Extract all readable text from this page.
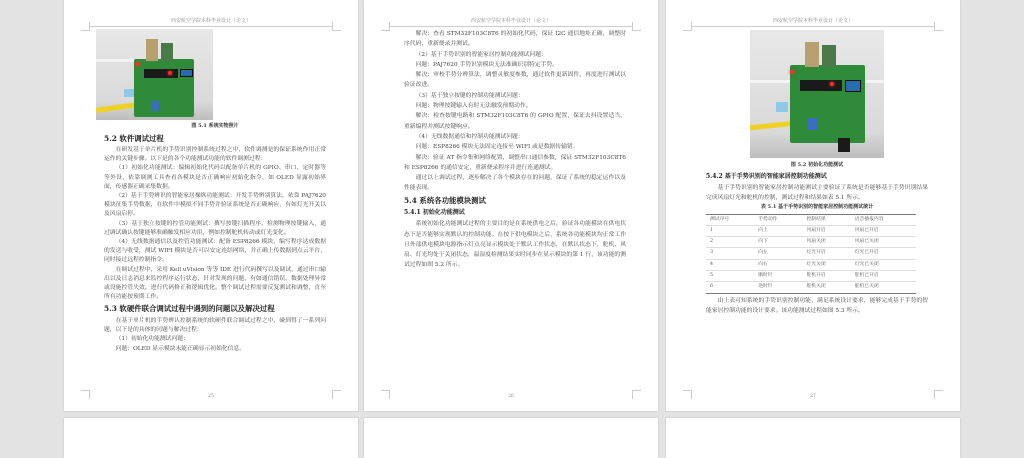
西安航空学院本科毕业设计（论文）
图 5.1 系统实物照片
5.2 软件调试过程

在研发基于单片机的手势识别控制系统过程之中，软件调测是的保证系统作用正常运作的关键步骤。以下是的各个功能测试功能的软件调测过程：

（1）初始化功能测试：编辑初始化代码以配备单片机的 GPIO、串口、定时器等等外设，依靠调测工具查看各模块是否正确响应初始化指令，如 OLED 显露初始界面，传感器正确采集数据。

（2）基于手势辨识的智能家居操纵功能测试：开发手势辨别算法，依靠 PAJ7620 模块征集手势数据，在软件中模拟不同手势并验证系统是否正确响应，有如灯光开关以及风扇启停。

（3）基于独立按键的控管功能测试：撰写按键扫描程序，检测物理按键输入，通过调试确认按键能够准确触发相应功用，例如控制舵机转动或灯光变化。

（4）无线数据通信以及控管功能测试：配备 ESP8266 模块，编写程序达成数据的发送与收受，测试 WIFI 模块是否可以安定连结网络，并正确上传数据到点云平台，同时接过远程控制指令。

在调试过程中，采用 Keil uVision 等等 IDE 进行代码撰写以及调试，通过串口输出以及日志消息来监控程序运行状态，针对发现的问题，有如通信错误、数据处理异常或设施控管失效，进行代码修正和逻辑优化。整个调试过程需要反复测试和调整，直至所有功能按预期工作。

5.3 软硬件联合调试过程中遇到的问题以及解决过程

在基于单片机的手势辨认控制系统的软硬件联合调试过程之中，碰到得了一系列问题，以下是的具体的问题与解决过程：

（1）初始化功能测试问题：

问题：OLED 显示模块未能正确显示初始化信息。

25
西安航空学院本科毕业设计（论文）

解决：查看 STM32F103C8T6 的初始化代码，保证 I2C 通信地址正确，调整时序代码，重新烧录并测试。

（2）基于手势识别的智能家居控制功能测试问题：

问题：PAJ7620 手势识别模块无法准确识别特定手势。

解决：审校手势分辨算法，调整灵敏度参数，通过软件更新固件，再度进行测试以验证改进。

（3）基于独立按键的控制功能测试问题：

问题：物理按键输入有时无法触发预期动作。

解决：检查按键电路和 STM32F103C8T6 的 GPIO 配置，保证去抖设置适当，重新编程并测试按键响应。

（4）无线数据通信和控制功能测试问题：

问题：ESP8266 模块无法固定连接至 WIFI 或是数据传输错。

解决：验证 AT 指令集和网络配置，调整串口通信参数，保证 STM32F103C8T6 和 ESP8266 的通信安定，重新烧录程序并进行连通测试。

通过以上调试过程，逐步解决了各个模块存在的问题，保证了系统的稳定运作以及性能表现。

5.4 系统各功能模块测试
5.4.1 初始化功能测试

系统初始化功能测试过程的主要目的是在系统供电之后，验证各功能模块在供电状态下是否能够实现默认的控制功能。在按下供电模块之后，系统各功能模块均正常工作且外部供电模块电源指示灯点亮显示模块处于默认工作状态，在默认状态下，舵机、风扇、灯光均处于关闭状态，温湿度检测结果实时同步在显示模块的第 1 行，该功能的测试过程如图 5.2 所示。

26
西安航空学院本科毕业设计（论文）
图 5.2 初始化功能测试
5.4.2 基于手势识别的智能家居控制功能测试

基于手势识别的智能家居控制功能测试主要验证了系统是否能够基于手势识别结果完成风扇灯光和舵机的控制，测试过程和结果如表 5.1 所示。

表 5.1 基于手势识别的智能家居控制功能测试统计
测试序号	手势动作	控制结果	语音播报内容
1	向上	风扇开启	风扇已开启
2	向下	风扇关闭	风扇已关闭
3	向左	灯光开启	灯光已开启
4	向右	灯光关闭	灯光已关闭
5	顺时针	舵机开启	舵机已开启
6	逆时针	舵机关闭	舵机已关闭

由上表可知系统的手势识别控制功能，满足系统设计要求，能够完成基于手势的智能家居控制功能的设计要求。该功能测试过程如图 5.3 所示。

27
